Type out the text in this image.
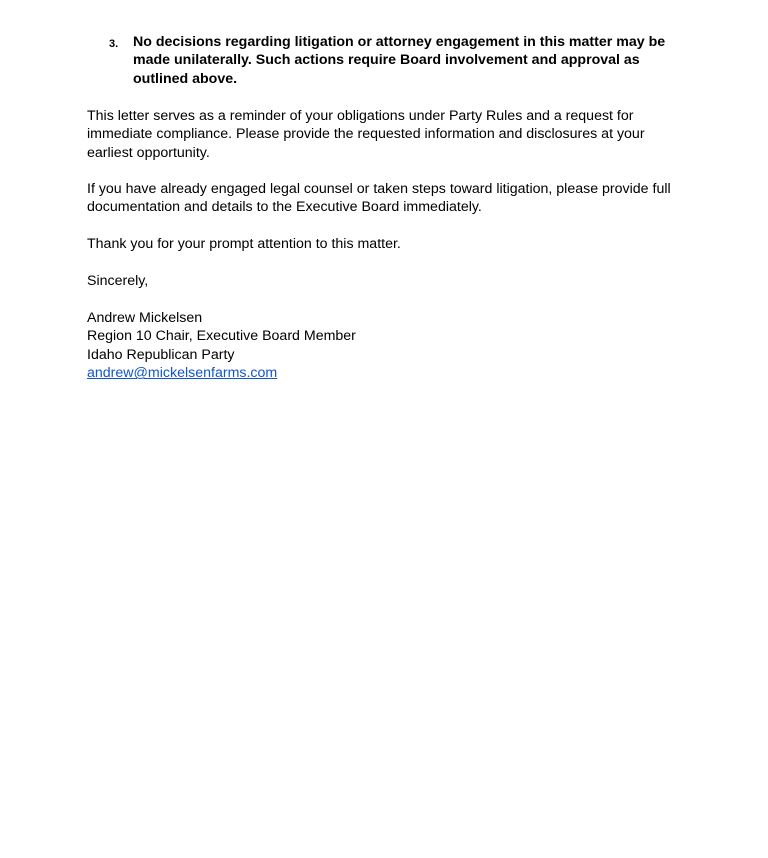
3. No decisions regarding litigation or attorney engagement in this matter may be made unilaterally. Such actions require Board involvement and approval as outlined above.
This letter serves as a reminder of your obligations under Party Rules and a request for immediate compliance. Please provide the requested information and disclosures at your earliest opportunity.
If you have already engaged legal counsel or taken steps toward litigation, please provide full documentation and details to the Executive Board immediately.
Thank you for your prompt attention to this matter.
Sincerely,
Andrew Mickelsen
Region 10 Chair, Executive Board Member
Idaho Republican Party
andrew@mickelsenfarms.com
